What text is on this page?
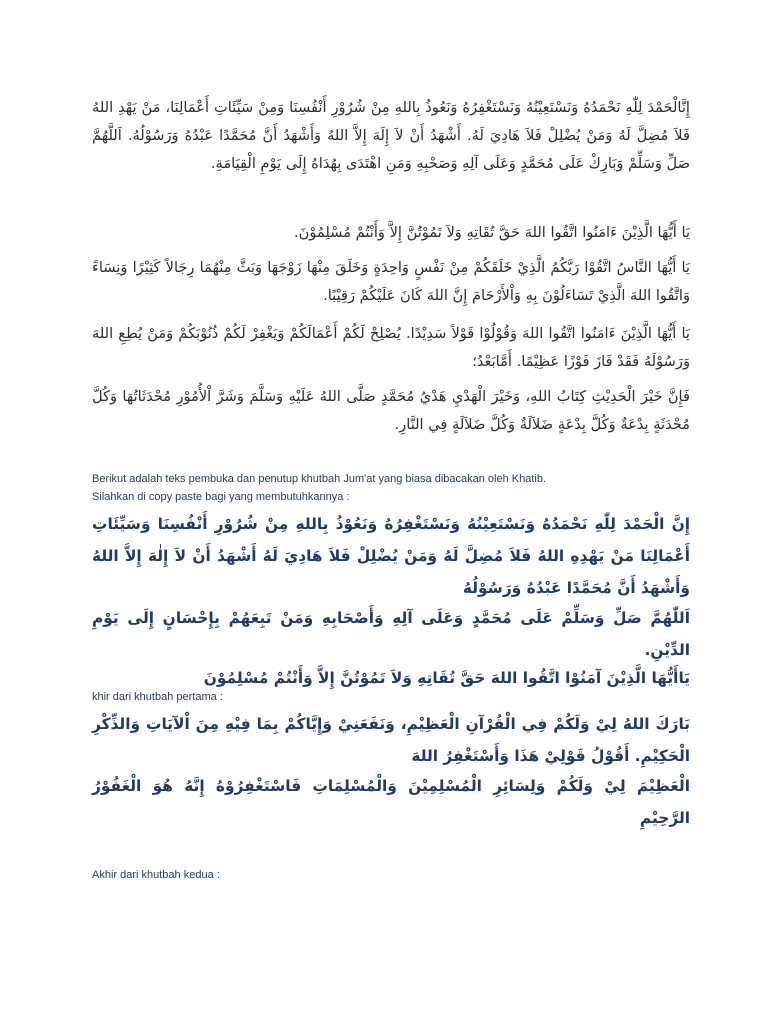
إِنَّالْحَمْدَ لِلّٰهِ نَحْمَدُهُ وَنَسْتَعِيْنُهُ وَنَسْتَغْفِرُهُ وَنَعُوذُ بِاللهِ مِنْ شُرُوْرِ أَنْفُسِنَا وَمِنْ سَيِّئَاتِ أَعْمَالِنَا، مَنْ يَهْدِ اللهُ فَلاَ مُضِلَّ لَهُ وَمَنْ يُضْلِلْ فَلاَ هَادِيَ لَهُ. أَشْهَدُ أَنْ لاَ إِلَهَ إِلاَّ اللهُ وَأَشْهَدُ أَنَّ مُحَمَّدًا عَبْدُهُ وَرَسُوْلُهُ. اَللَّهُمَّ صَلِّ وَسَلِّمْ وَبَارِكْ عَلَى مُحَمَّدٍ وَعَلَى آلِهِ وَصَحْبِهِ وَمَنِ اهْتَدَى بِهُدَاهُ إِلَى يَوْمِ الْقِيَامَةِ.

يَا أَيُّهَا الَّذِيْنَ ءَامَنُوا اتَّقُوا اللهَ حَقَّ تُقَاتِهِ وَلاَ تَمُوْتُنَّ إِلاَّ وَأَنْتُمْ مُسْلِمُوْنَ.

يَا أَيُّهَا النَّاسُ اتَّقُوْا رَبَّكُمُ الَّذِيْ خَلَقَكُمْ مِنْ نَفْسٍ وَاحِدَةٍ وَخَلَقَ مِنْهَا زَوْجَهَا وَبَثَّ مِنْهُمَا رِجَالاً كَثِيْرًا وَنِسَاءً وَاتَّقُوا اللهَ الَّذِيْ تَسَاءَلُوْنَ بِهِ وَاْلأَرْحَامَ إِنَّ اللهَ كَانَ عَلَيْكُمْ رَقِيْبًا.

يَا أَيُّهَا الَّذِيْنَ ءَامَنُوا اتَّقُوا اللهَ وَقُوْلُوْا قَوْلاً سَدِيْدًا. يُصْلِحْ لَكُمْ أَعْمَالَكُمْ وَيَغْفِرْ لَكُمْ ذُنُوْبَكُمْ وَمَنْ يُطِعِ اللهَ وَرَسُوْلَهُ فَقَدْ فَازَ فَوْزًا عَظِيْمًا. أَمَّابَعْدُ؛

فَإِنَّ خَيْرَ الْحَدِيْثِ كِتَابُ اللهِ، وَخَيْرَ الْهَدْيِ هَدْيُ مُحَمَّدٍ صَلَّى اللهُ عَلَيْهِ وَسَلَّمَ وَشَرَّ اْلأُمُوْرِ مُحْدَثَاتُهَا وَكُلَّ مُحْدَثَةٍ بِدْعَةٌ وَكُلَّ بِدْعَةٍ ضَلاَلَةٌ وَكُلَّ ضَلاَلَةٍ فِي النَّارِ.

Berikut adalah teks pembuka dan penutup khutbah Jum'at yang biasa dibacakan oleh Khatib.

Silahkan di copy paste bagi yang membutuhkannya :

إِنَّ الْحَمْدَ لِلّٰهِ نَحْمَدُهُ وَنَسْتَعِيْنُهُ وَنَسْتَغْفِرُهُ وَنَعُوْذُ بِاللهِ مِنْ شُرُوْرِ أَنْفُسِنَا وَسَيِّئَاتِ أَعْمَالِنَا مَنْ يَهْدِهِ اللهُ فَلاَ مُضِلَّ لَهُ وَمَنْ يُضْلِلْ فَلاَ هَادِيَ لَهُ أَشْهَدُ أَنْ لاَ إِلٰهَ إِلاَّ اللهُ وَأَشْهَدُ أَنَّ مُحَمَّدًا عَبْدُهُ وَرَسُوْلُهُ

اَللّٰهُمَّ صَلِّ وَسَلِّمْ عَلَى مُحَمَّدٍ وَعَلَى آلِهِ وَأَصْحَابِهِ وَمَنْ تَبِعَهُمْ بِإِحْسَانٍ إِلَى يَوْمِ الدِّيْنِ.

يَاأَيُّهَا الَّذِيْنَ آمَنُوْا اتَّقُوا اللهَ حَقَّ تُقَاتِهِ وَلاَ تَمُوْتُنَّ إِلاَّ وَأَنْتُمْ مُسْلِمُوْنَ

khir dari khutbah pertama :

بَارَكَ اللهُ لِيْ وَلَكُمْ فِي الْقُرْآنِ الْعَظِيْمِ، وَنَفَعَنِيْ وَإِيَّاكُمْ بِمَا فِيْهِ مِنَ اْلآيَاتِ وَالذِّكْرِ الْحَكِيْمِ. أَقُوْلُ قَوْلِيْ هَذَا وَأَسْتَغْفِرُ اللهَ

الْعَظِيْمَ لِيْ وَلَكُمْ وَلِسَائِرِ الْمُسْلِمِيْنَ وَالْمُسْلِمَاتِ فَاسْتَغْفِرُوْهُ إِنَّهُ هُوَ الْغَفُوْرُ الرَّحِيْمِ

Akhir dari khutbah kedua :
